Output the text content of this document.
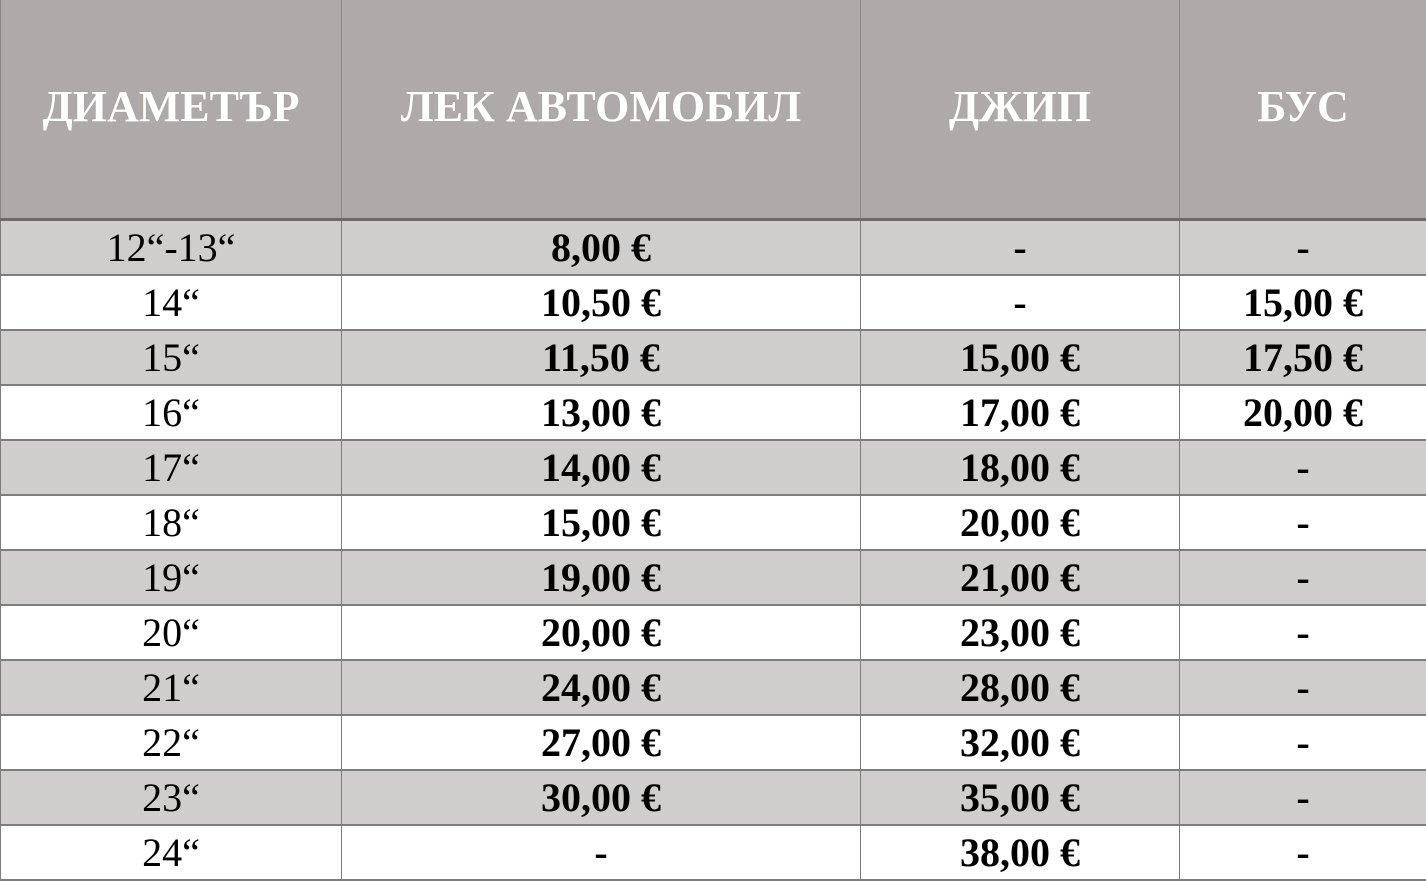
ДИАМЕТЪР	ЛЕК АВТОМОБИЛ	ДЖИП	БУС
12“-13“	8,00 €	-	-
14“	10,50 €	-	15,00 €
15“	11,50 €	15,00 €	17,50 €
16“	13,00 €	17,00 €	20,00 €
17“	14,00 €	18,00 €	-
18“	15,00 €	20,00 €	-
19“	19,00 €	21,00 €	-
20“	20,00 €	23,00 €	-
21“	24,00 €	28,00 €	-
22“	27,00 €	32,00 €	-
23“	30,00 €	35,00 €	-
24“	-	38,00 €	-
